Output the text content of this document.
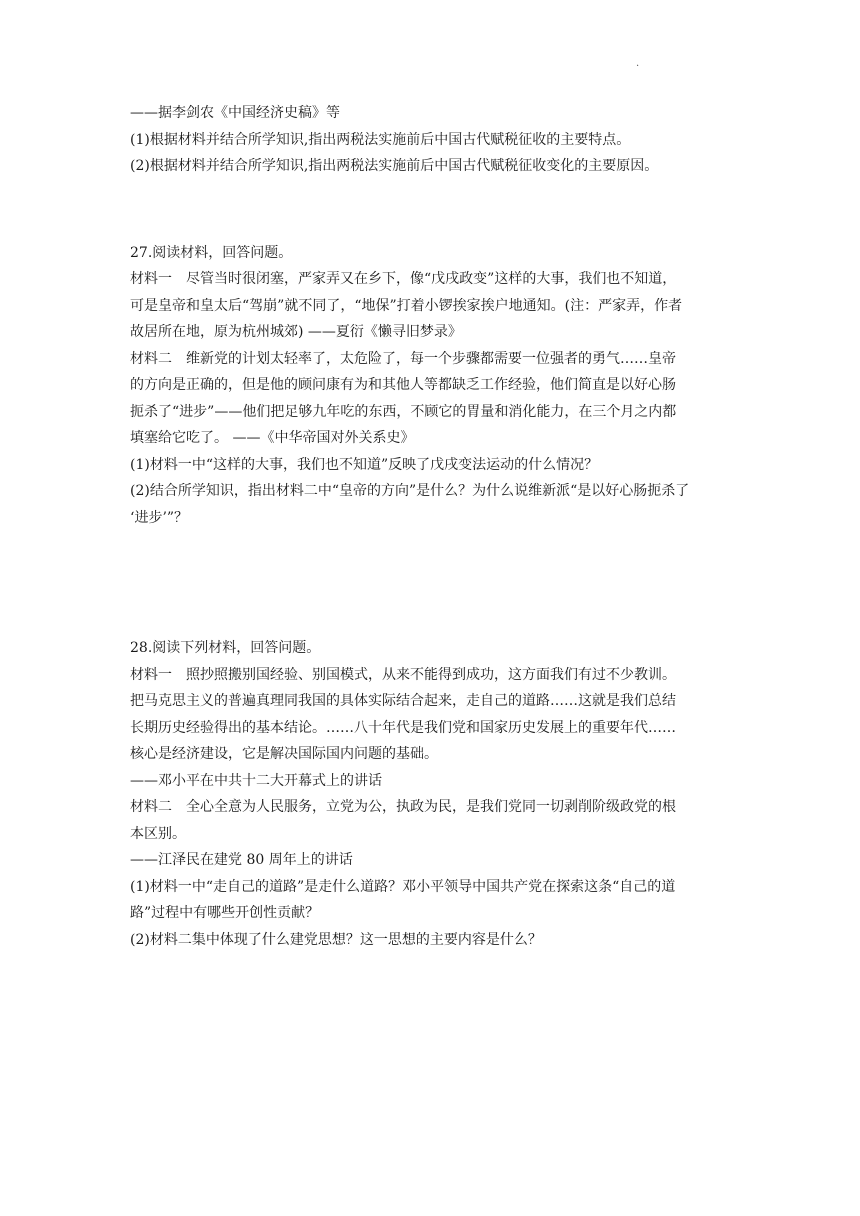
.

——据李剑农《中国经济史稿》等

(1)根据材料并结合所学知识,指出两税法实施前后中国古代赋税征收的主要特点。

(2)根据材料并结合所学知识,指出两税法实施前后中国古代赋税征收变化的主要原因。

27.阅读材料，回答问题。

材料一　尽管当时很闭塞，严家弄又在乡下，像“戊戌政变”这样的大事，我们也不知道，

可是皇帝和皇太后“驾崩”就不同了，“地保”打着小锣挨家挨户地通知。(注：严家弄，作者

故居所在地，原为杭州城郊) ——夏衍《懒寻旧梦录》

材料二　维新党的计划太轻率了，太危险了，每一个步骤都需要一位强者的勇气……皇帝

的方向是正确的，但是他的顾问康有为和其他人等都缺乏工作经验，他们简直是以好心肠

扼杀了“进步”——他们把足够九年吃的东西，不顾它的胃量和消化能力，在三个月之内都

填塞给它吃了。 ——《中华帝国对外关系史》

(1)材料一中“这样的大事，我们也不知道”反映了戊戌变法运动的什么情况？

(2)结合所学知识，指出材料二中“皇帝的方向”是什么？为什么说维新派“是以好心肠扼杀了

‘进步’”？

28.阅读下列材料，回答问题。

材料一　照抄照搬别国经验、别国模式，从来不能得到成功，这方面我们有过不少教训。

把马克思主义的普遍真理同我国的具体实际结合起来，走自己的道路……这就是我们总结

长期历史经验得出的基本结论。……八十年代是我们党和国家历史发展上的重要年代……

核心是经济建设，它是解决国际国内问题的基础。

——邓小平在中共十二大开幕式上的讲话

材料二　全心全意为人民服务，立党为公，执政为民，是我们党同一切剥削阶级政党的根

本区别。

——江泽民在建党 80 周年上的讲话

(1)材料一中“走自己的道路”是走什么道路？邓小平领导中国共产党在探索这条“自己的道

路”过程中有哪些开创性贡献？

(2)材料二集中体现了什么建党思想？这一思想的主要内容是什么？
